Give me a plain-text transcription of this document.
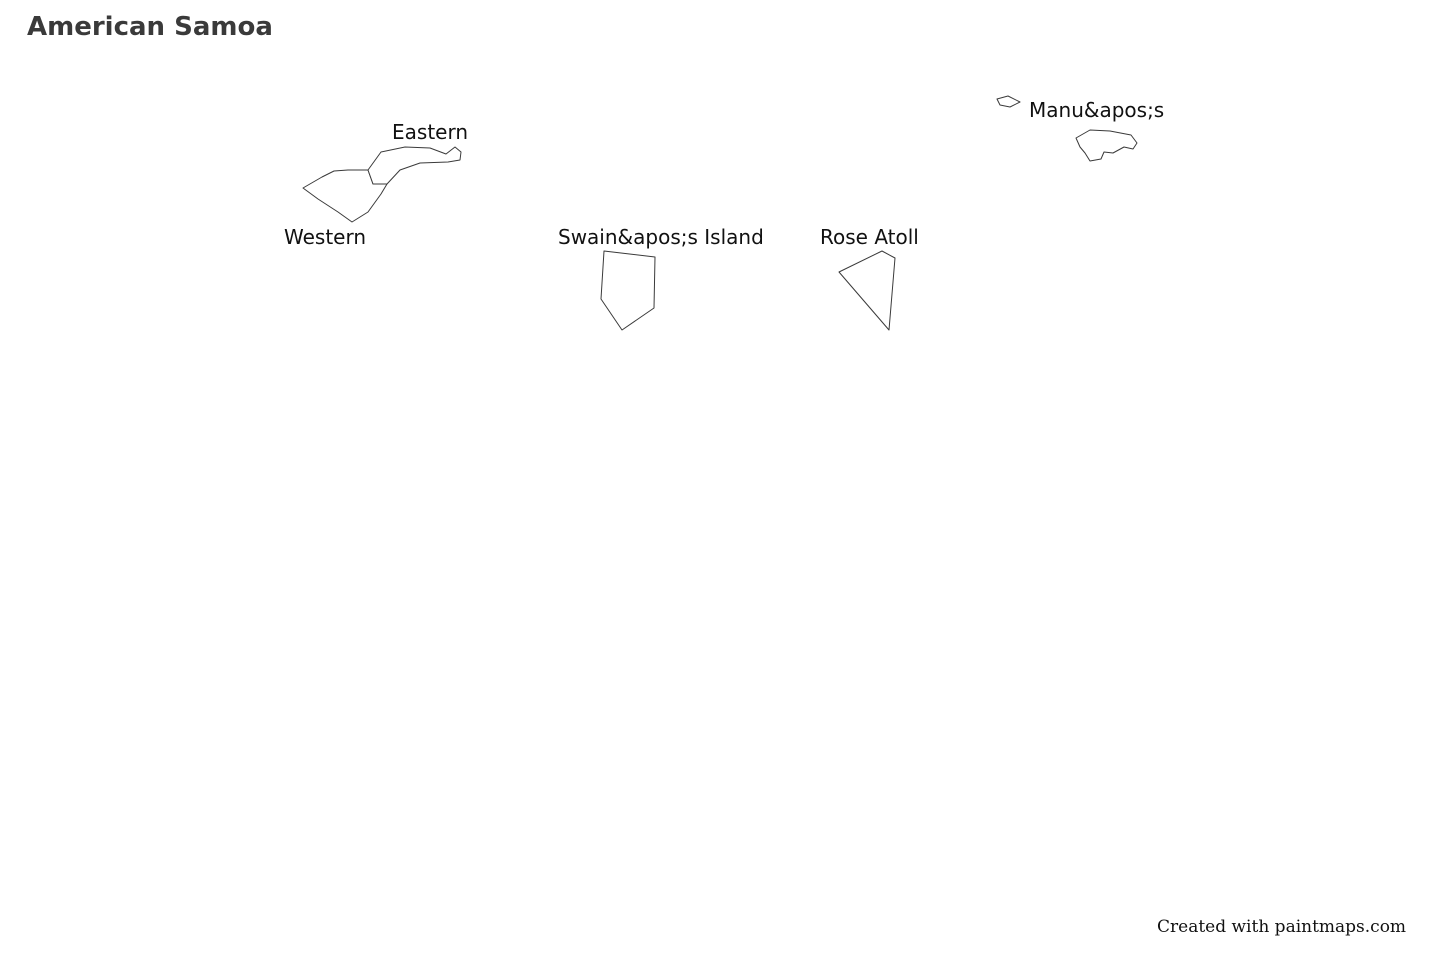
American Samoa
Eastern
Western	Swain&apos;s Island	Rose Atoll
Manu&apos;s
Created with paintmaps.com
